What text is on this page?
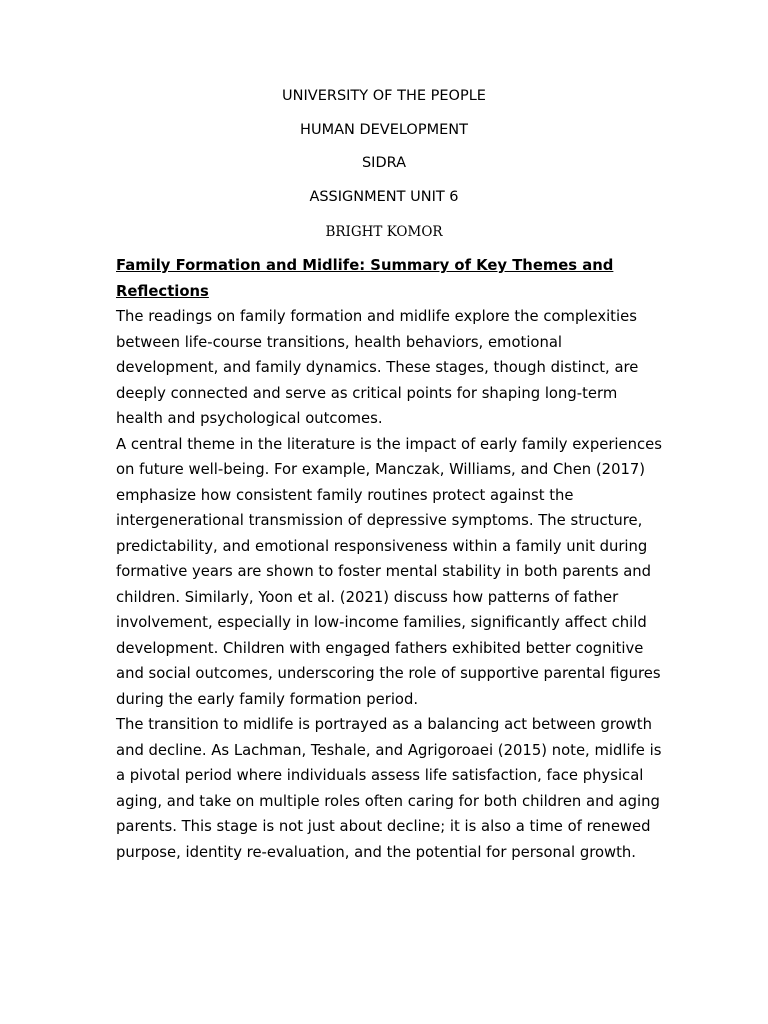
UNIVERSITY OF THE PEOPLE
HUMAN DEVELOPMENT
SIDRA
ASSIGNMENT UNIT 6
BRIGHT KOMOR
Family Formation and Midlife: Summary of Key Themes and Reflections

The readings on family formation and midlife explore the complexities between life-course transitions, health behaviors, emotional development, and family dynamics. These stages, though distinct, are deeply connected and serve as critical points for shaping long-term health and psychological outcomes.

A central theme in the literature is the impact of early family experiences on future well-being. For example, Manczak, Williams, and Chen (2017) emphasize how consistent family routines protect against the intergenerational transmission of depressive symptoms. The structure, predictability, and emotional responsiveness within a family unit during formative years are shown to foster mental stability in both parents and children. Similarly, Yoon et al. (2021) discuss how patterns of father involvement, especially in low-income families, significantly affect child development. Children with engaged fathers exhibited better cognitive and social outcomes, underscoring the role of supportive parental figures during the early family formation period.

The transition to midlife is portrayed as a balancing act between growth and decline. As Lachman, Teshale, and Agrigoroaei (2015) note, midlife is a pivotal period where individuals assess life satisfaction, face physical aging, and take on multiple roles often caring for both children and aging parents. This stage is not just about decline; it is also a time of renewed purpose, identity re-evaluation, and the potential for personal growth.
